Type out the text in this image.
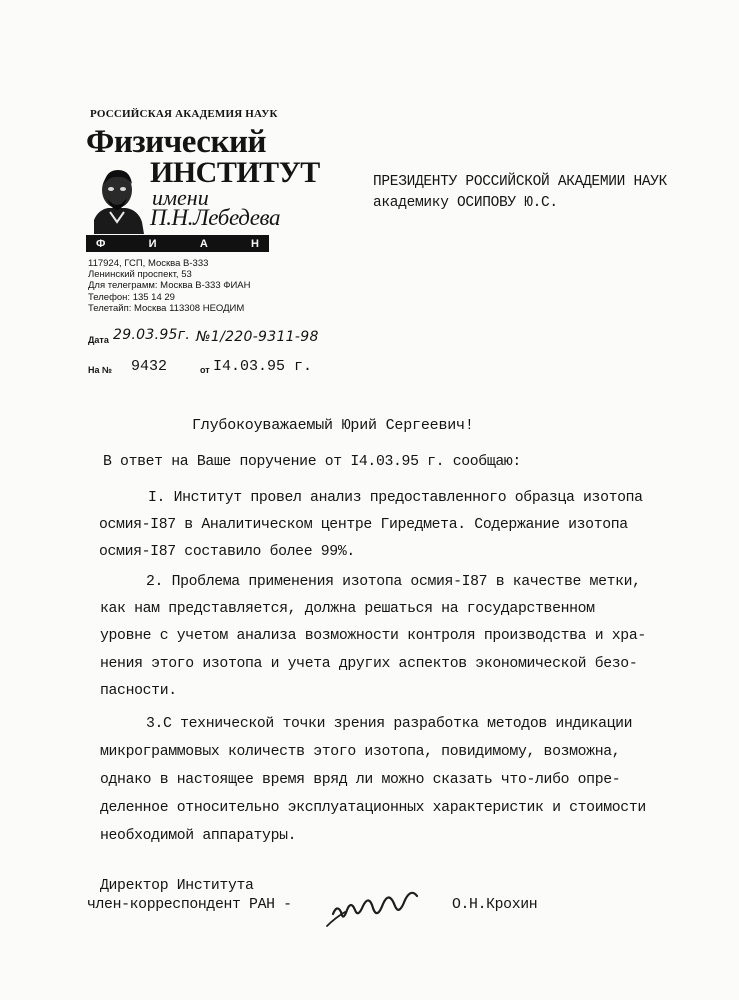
РОССИЙСКАЯ АКАДЕМИЯ НАУК
Физический
ИНСТИТУТ
имени
П.Н.Лебедева
Ф	И	А	Н
117924, ГСП, Москва В-333
Ленинский проспект, 53
Для телеграмм: Москва В-333 ФИАН
Телефон: 135 14 29
Телетайп: Москва 113308 НЕОДИМ
Дата 29.03.95г. №1/220-9311-98
На № 9432	от I4.03.95 г.
ПРЕЗИДЕНТУ РОССИЙСКОЙ АКАДЕМИИ НАУК
академику ОСИПОВУ Ю.С.
Глубокоуважаемый Юрий Сергеевич!
В ответ на Ваше поручение от I4.03.95 г. сообщаю:
I. Институт провел анализ предоставленного образца изотопа
осмия-I87 в Аналитическом центре Гиредмета. Содержание изотопа
осмия-I87 составило более 99%.
2. Проблема применения изотопа осмия-I87 в качестве метки,
как нам представляется, должна решаться на государственном
уровне с учетом анализа возможности контроля производства и хра-
нения этого изотопа и учета других аспектов экономической безо-
пасности.
3.С технической точки зрения разработка методов индикации
микрограммовых количеств этого изотопа, повидимому, возможна,
однако в настоящее время вряд ли можно сказать что-либо опре-
деленное относительно эксплуатационных характеристик и стоимости
необходимой аппаратуры.
Директор Института
член-корреспондент РАН -	О.Н.Крохин
